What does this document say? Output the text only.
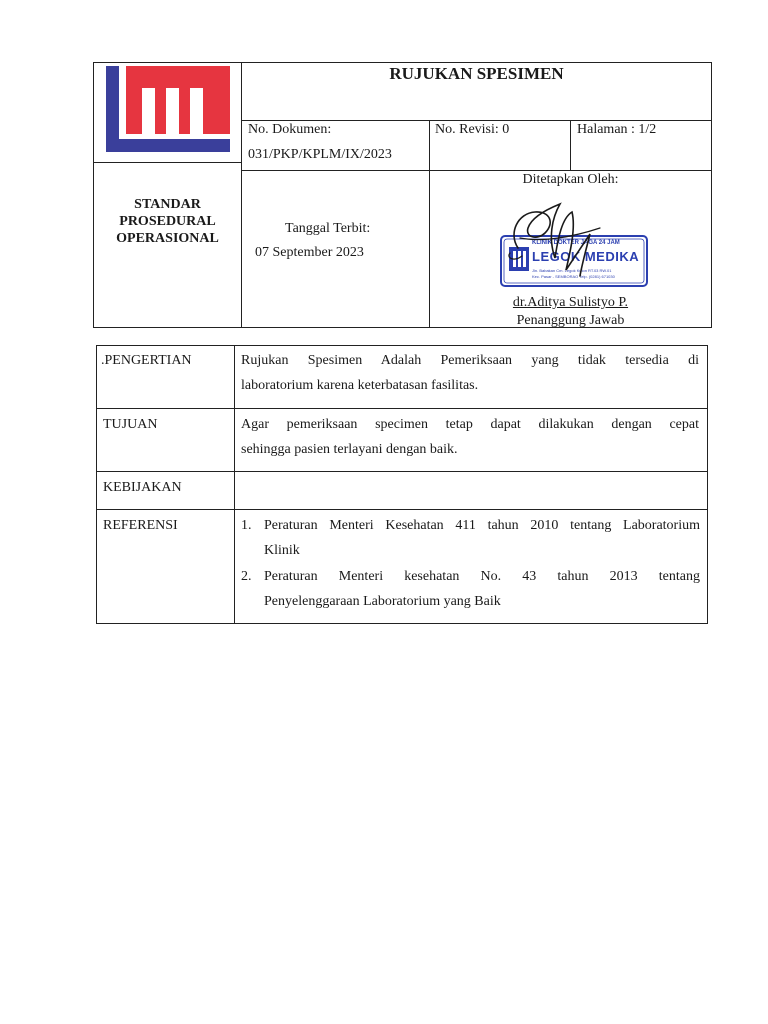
RUJUKAN SPESIMEN
No. Dokumen:
031/PKP/KPLM/IX/2023
No. Revisi: 0	Halaman : 1/2
STANDAR
PROSEDURAL
OPERASIONAL
Tanggal Terbit:
07 September 2023
Ditetapkan Oleh:
KLINIK DOKTER JAGA 24 JAM
LEGOK MEDIKA
Jln. Babakan Cm. Legok Kulon RT.03 RW.01
Kec. Pasar - SEMBORAO Telp. (0281) 671030
dr.Aditya Sulistyo P.
Penanggung Jawab
.PENGERTIAN	Rujukan Spesimen Adalah Pemeriksaan yang tidak tersedia di
laboratorium karena keterbatasan fasilitas.
TUJUAN	Agar pemeriksaan specimen tetap dapat dilakukan dengan cepat
sehingga pasien terlayani dengan baik.
KEBIJAKAN
REFERENSI	1. Peraturan Menteri Kesehatan 411 tahun 2010 tentang Laboratorium
Klinik
2. Peraturan Menteri kesehatan No. 43 tahun 2013 tentang
Penyelenggaraan Laboratorium yang Baik
